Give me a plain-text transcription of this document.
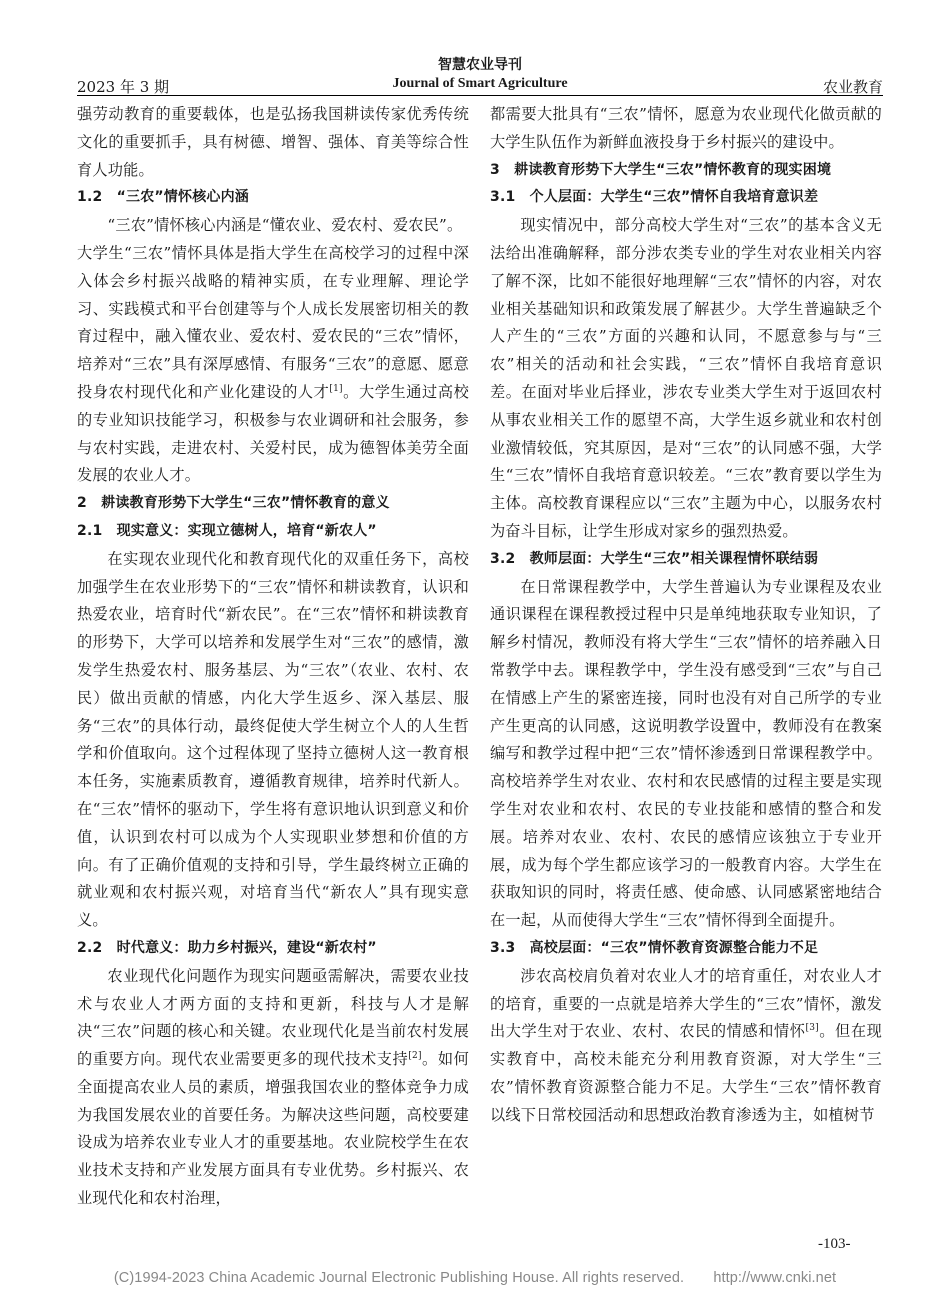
智慧农业导刊
2023 年 3 期	Journal of Smart Agriculture	农业教育

强劳动教育的重要载体，也是弘扬我国耕读传家优秀传统文化的重要抓手，具有树德、增智、强体、育美等综合性育人功能。

1.2　“三农”情怀核心内涵

“三农”情怀核心内涵是“懂农业、爱农村、爱农民”。

大学生“三农”情怀具体是指大学生在高校学习的过程中深入体会乡村振兴战略的精神实质，在专业理解、理论学习、实践模式和平台创建等与个人成长发展密切相关的教育过程中，融入懂农业、爱农村、爱农民的“三农”情怀，培养对“三农”具有深厚感情、有服务“三农”的意愿、愿意投身农村现代化和产业化建设的人才[1]。大学生通过高校的专业知识技能学习，积极参与农业调研和社会服务，参与农村实践，走进农村、关爱村民，成为德智体美劳全面发展的农业人才。

2　耕读教育形势下大学生“三农”情怀教育的意义

2.1　现实意义：实现立德树人，培育“新农人”

在实现农业现代化和教育现代化的双重任务下，高校加强学生在农业形势下的“三农”情怀和耕读教育，认识和热爱农业，培育时代“新农民”。在“三农”情怀和耕读教育的形势下，大学可以培养和发展学生对“三农”的感情，激发学生热爱农村、服务基层、为“三农”（农业、农村、农民）做出贡献的情感，内化大学生返乡、深入基层、服务“三农”的具体行动，最终促使大学生树立个人的人生哲学和价值取向。这个过程体现了坚持立德树人这一教育根本任务，实施素质教育，遵循教育规律，培养时代新人。在“三农”情怀的驱动下，学生将有意识地认识到意义和价值，认识到农村可以成为个人实现职业梦想和价值的方向。有了正确价值观的支持和引导，学生最终树立正确的就业观和农村振兴观，对培育当代“新农人”具有现实意义。

2.2　时代意义：助力乡村振兴，建设“新农村”

农业现代化问题作为现实问题亟需解决，需要农业技术与农业人才两方面的支持和更新，科技与人才是解决“三农”问题的核心和关键。农业现代化是当前农村发展的重要方向。现代农业需要更多的现代技术支持[2]。如何全面提高农业人员的素质，增强我国农业的整体竞争力成为我国发展农业的首要任务。为解决这些问题，高校要建设成为培养农业专业人才的重要基地。农业院校学生在农业技术支持和产业发展方面具有专业优势。乡村振兴、农业现代化和农村治理，

都需要大批具有“三农”情怀，愿意为农业现代化做贡献的大学生队伍作为新鲜血液投身于乡村振兴的建设中。

3　耕读教育形势下大学生“三农”情怀教育的现实困境

3.1　个人层面：大学生“三农”情怀自我培育意识差

现实情况中，部分高校大学生对“三农”的基本含义无法给出准确解释，部分涉农类专业的学生对农业相关内容了解不深，比如不能很好地理解“三农”情怀的内容，对农业相关基础知识和政策发展了解甚少。大学生普遍缺乏个人产生的“三农”方面的兴趣和认同，不愿意参与与“三农”相关的活动和社会实践，“三农”情怀自我培育意识差。在面对毕业后择业，涉农专业类大学生对于返回农村从事农业相关工作的愿望不高，大学生返乡就业和农村创业激情较低，究其原因，是对“三农”的认同感不强，大学生“三农”情怀自我培育意识较差。“三农”教育要以学生为主体。高校教育课程应以“三农”主题为中心，以服务农村为奋斗目标，让学生形成对家乡的强烈热爱。

3.2　教师层面：大学生“三农”相关课程情怀联结弱

在日常课程教学中，大学生普遍认为专业课程及农业通识课程在课程教授过程中只是单纯地获取专业知识，了解乡村情况，教师没有将大学生“三农”情怀的培养融入日常教学中去。课程教学中，学生没有感受到“三农”与自己在情感上产生的紧密连接，同时也没有对自己所学的专业产生更高的认同感，这说明教学设置中，教师没有在教案编写和教学过程中把“三农”情怀渗透到日常课程教学中。高校培养学生对农业、农村和农民感情的过程主要是实现学生对农业和农村、农民的专业技能和感情的整合和发展。培养对农业、农村、农民的感情应该独立于专业开展，成为每个学生都应该学习的一般教育内容。大学生在获取知识的同时，将责任感、使命感、认同感紧密地结合在一起，从而使得大学生“三农”情怀得到全面提升。

3.3　高校层面：“三农”情怀教育资源整合能力不足

涉农高校肩负着对农业人才的培育重任，对农业人才的培育，重要的一点就是培养大学生的“三农”情怀，激发出大学生对于农业、农村、农民的情感和情怀[3]。但在现实教育中，高校未能充分利用教育资源，对大学生“三农”情怀教育资源整合能力不足。大学生“三农”情怀教育以线下日常校园活动和思想政治教育渗透为主，如植树节

-103-
(C)1994-2023 China Academic Journal Electronic Publishing House. All rights reserved.　　http://www.cnki.net
